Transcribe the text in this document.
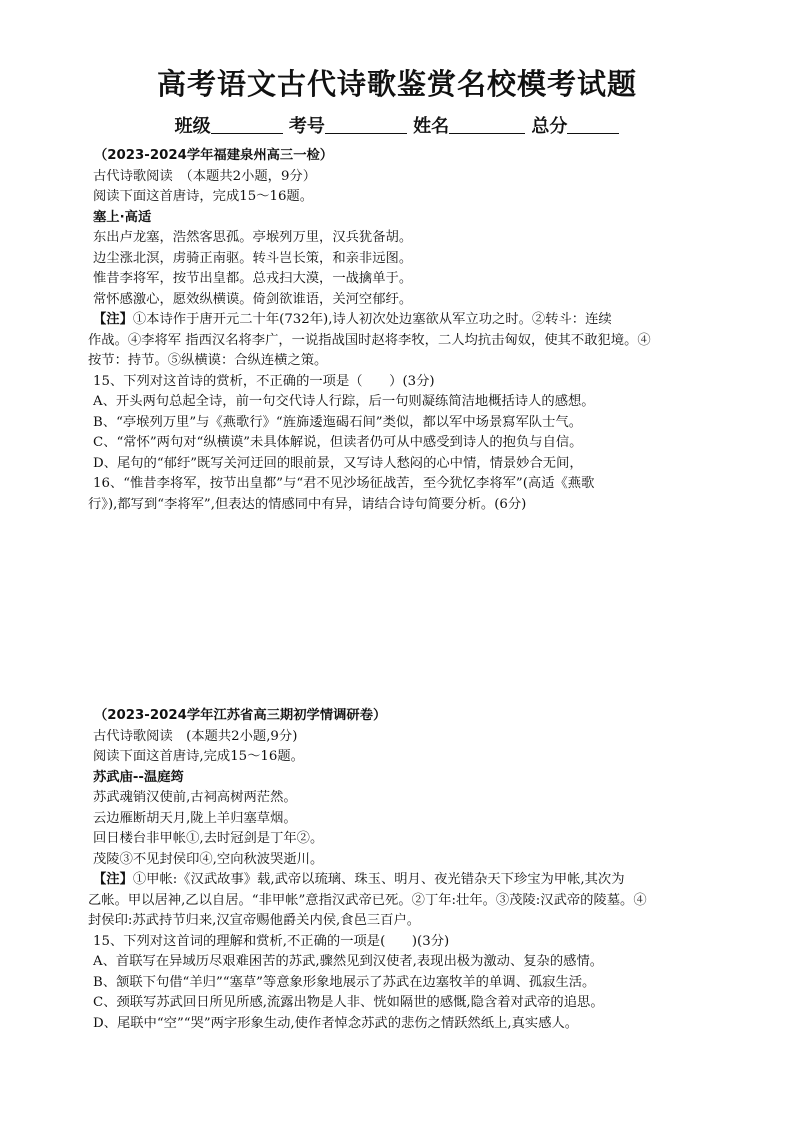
高考语文古代诗歌鉴赏名校模考试题
班级	考号	姓名	总分

（2023-2024学年福建泉州高三一检）

古代诗歌阅读　（本题共2小题，9分）

阅读下面这首唐诗，完成15～16题。

塞上·高适

东出卢龙塞，浩然客思孤。亭堠列万里，汉兵犹备胡。

边尘涨北溟，虏骑正南驱。转斗岂长策，和亲非远图。

惟昔李将军，按节出皇都。总戎扫大漠，一战擒单于。

常怀感激心，愿效纵横谟。倚剑欲谁语，关河空郁纡。

【注】①本诗作于唐开元二十年(732年),诗人初次处边塞欲从军立功之时。②转斗：连续

作战。④李将军 指西汉名将李广，一说指战国时赵将李牧，二人均抗击匈奴，使其不敢犯境。④

按节：持节。⑤纵横谟：合纵连横之策。

15、下列对这首诗的赏析，不正确的一项是（　　）(3分)

A、开头两句总起全诗，前一句交代诗人行踪，后一句则凝练简洁地概括诗人的感想。

B、“亭堠列万里”与《燕歌行》“旌旆逶迤碣石间”类似，都以军中场景寫军队士气。

C、“常怀”两句对“纵横谟”未具体解说，但读者仍可从中感受到诗人的抱负与自信。

D、尾句的“郁纡”既写关河迂回的眼前景，又写诗人愁闷的心中情，情景妙合无间，

16、“惟昔李将军，按节出皇都”与“君不见沙场征战苦，至今犹忆李将军”(高适《燕歌

行》),都写到“李将军”,但表达的情感同中有异，请结合诗句简要分析。(6分)

（2023-2024学年江苏省高三期初学情调研卷）

古代诗歌阅读　(本题共2小题,9分)

阅读下面这首唐诗,完成15～16题。

苏武庙--温庭筠

苏武魂销汉使前,古祠高树两茫然。

云边雁断胡天月,陇上羊归塞草烟。

回日楼台非甲帐①,去时冠剑是丁年②。

茂陵③不见封侯印④,空向秋波哭逝川。

【注】①甲帐:《汉武故事》载,武帝以琉璃、珠玉、明月、夜光错杂天下珍宝为甲帐,其次为

乙帐。甲以居神,乙以自居。“非甲帐”意指汉武帝已死。②丁年:壮年。③茂陵:汉武帝的陵墓。④

封侯印:苏武持节归来,汉宣帝赐他爵关内侯,食邑三百户。

15、下列对这首词的理解和赏析,不正确的一项是(　　)(3分)

A、首联写在异域历尽艰难困苦的苏武,骤然见到汉使者,表现出极为激动、复杂的感情。

B、颔联下句借“羊归”“塞草”等意象形象地展示了苏武在边塞牧羊的单调、孤寂生活。

C、颈联写苏武回日所见所感,流露出物是人非、恍如隔世的感慨,隐含着对武帝的追思。

D、尾联中“空”“哭”两字形象生动,使作者悼念苏武的悲伤之情跃然纸上,真实感人。
